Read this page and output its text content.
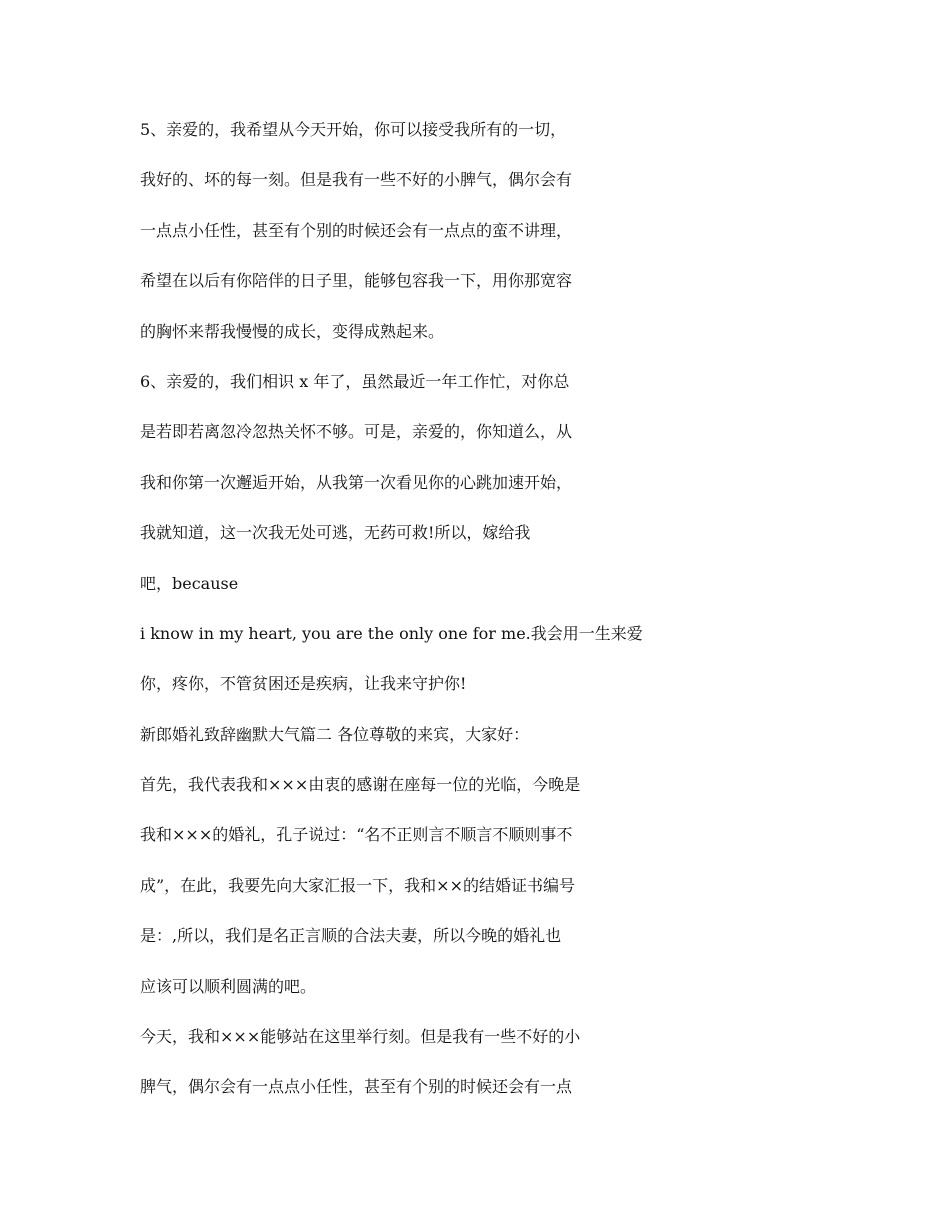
5、亲爱的，我希望从今天开始，你可以接受我所有的一切，
我好的、坏的每一刻。但是我有一些不好的小脾气，偶尔会有
一点点小任性，甚至有个别的时候还会有一点点的蛮不讲理，
希望在以后有你陪伴的日子里，能够包容我一下，用你那宽容
的胸怀来帮我慢慢的成长，变得成熟起来。
6、亲爱的，我们相识 x 年了，虽然最近一年工作忙，对你总
是若即若离忽冷忽热关怀不够。可是，亲爱的，你知道么，从
我和你第一次邂逅开始，从我第一次看见你的心跳加速开始，
我就知道，这一次我无处可逃，无药可救!所以，嫁给我
吧，because
i know in my heart, you are the only one for me.我会用一生来爱
你，疼你，不管贫困还是疾病，让我来守护你!
新郎婚礼致辞幽默大气篇二 各位尊敬的来宾，大家好：
首先，我代表我和×××由衷的感谢在座每一位的光临，今晚是
我和×××的婚礼，孔子说过：“名不正则言不顺言不顺则事不
成”，在此，我要先向大家汇报一下，我和××的结婚证书编号
是：,所以，我们是名正言顺的合法夫妻，所以今晚的婚礼也
应该可以顺利圆满的吧。
今天，我和×××能够站在这里举行刻。但是我有一些不好的小
脾气，偶尔会有一点点小任性，甚至有个别的时候还会有一点
